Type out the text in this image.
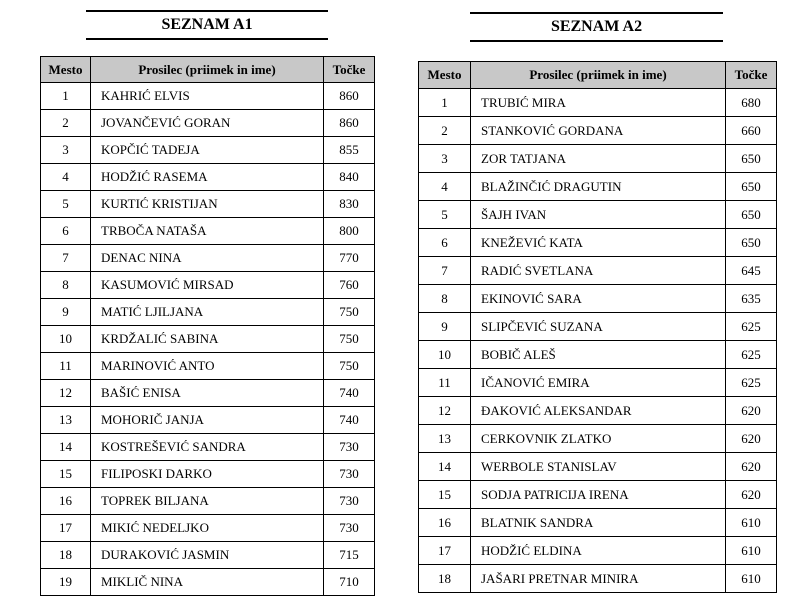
SEZNAM A1	SEZNAM A2
Mesto	Prosilec (priimek in ime)	Točke
1	KAHRIĆ ELVIS	860
2	JOVANČEVIĆ GORAN	860
3	KOPČIĆ TADEJA	855
4	HODŽIĆ RASEMA	840
5	KURTIĆ KRISTIJAN	830
6	TRBOČA NATAŠA	800
7	DENAC NINA	770
8	KASUMOVIĆ MIRSAD	760
9	MATIĆ LJILJANA	750
10	KRDŽALIĆ SABINA	750
11	MARINOVIĆ ANTO	750
12	BAŠIĆ ENISA	740
13	MOHORIČ JANJA	740
14	KOSTREŠEVIĆ SANDRA	730
15	FILIPOSKI DARKO	730
16	TOPREK BILJANA	730
17	MIKIĆ NEDELJKO	730
18	DURAKOVIĆ JASMIN	715
19	MIKLIČ NINA	710
Mesto	Prosilec (priimek in ime)	Točke
1	TRUBIĆ MIRA	680
2	STANKOVIĆ GORDANA	660
3	ZOR TATJANA	650
4	BLAŽINČIĆ DRAGUTIN	650
5	ŠAJH IVAN	650
6	KNEŽEVIĆ KATA	650
7	RADIĆ SVETLANA	645
8	EKINOVIĆ SARA	635
9	SLIPČEVIĆ SUZANA	625
10	BOBIČ ALEŠ	625
11	IČANOVIĆ EMIRA	625
12	ĐAKOVIĆ ALEKSANDAR	620
13	CERKOVNIK ZLATKO	620
14	WERBOLE STANISLAV	620
15	SODJA PATRICIJA IRENA	620
16	BLATNIK SANDRA	610
17	HODŽIĆ ELDINA	610
18	JAŠARI PRETNAR MINIRA	610
